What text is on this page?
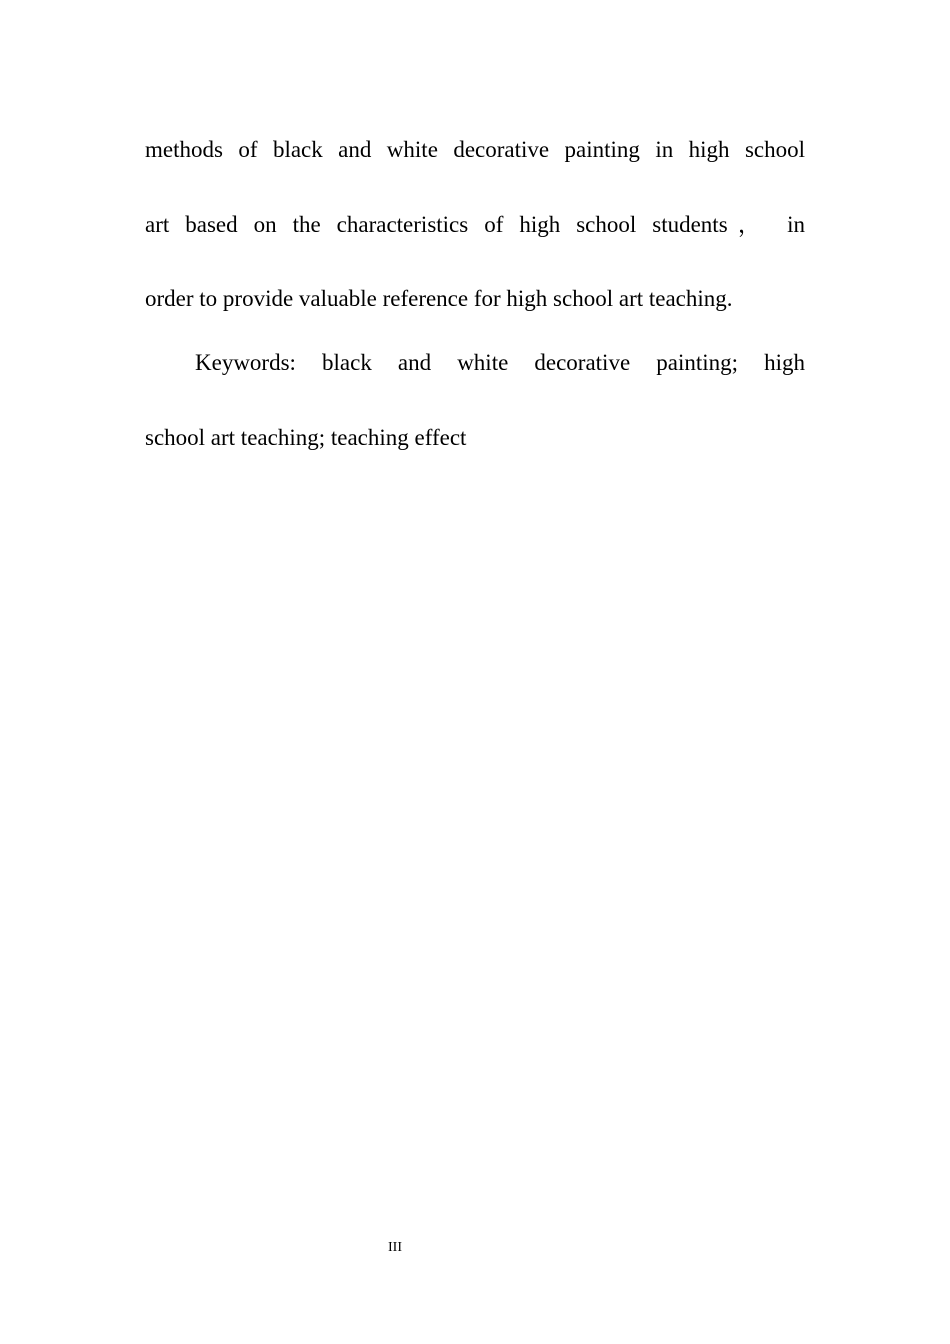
methods of black and white decorative painting in high school

art based on the characteristics of high school students， in

order to provide valuable reference for high school art teaching.

Keywords: black and white decorative painting; high

school art teaching; teaching effect

III
